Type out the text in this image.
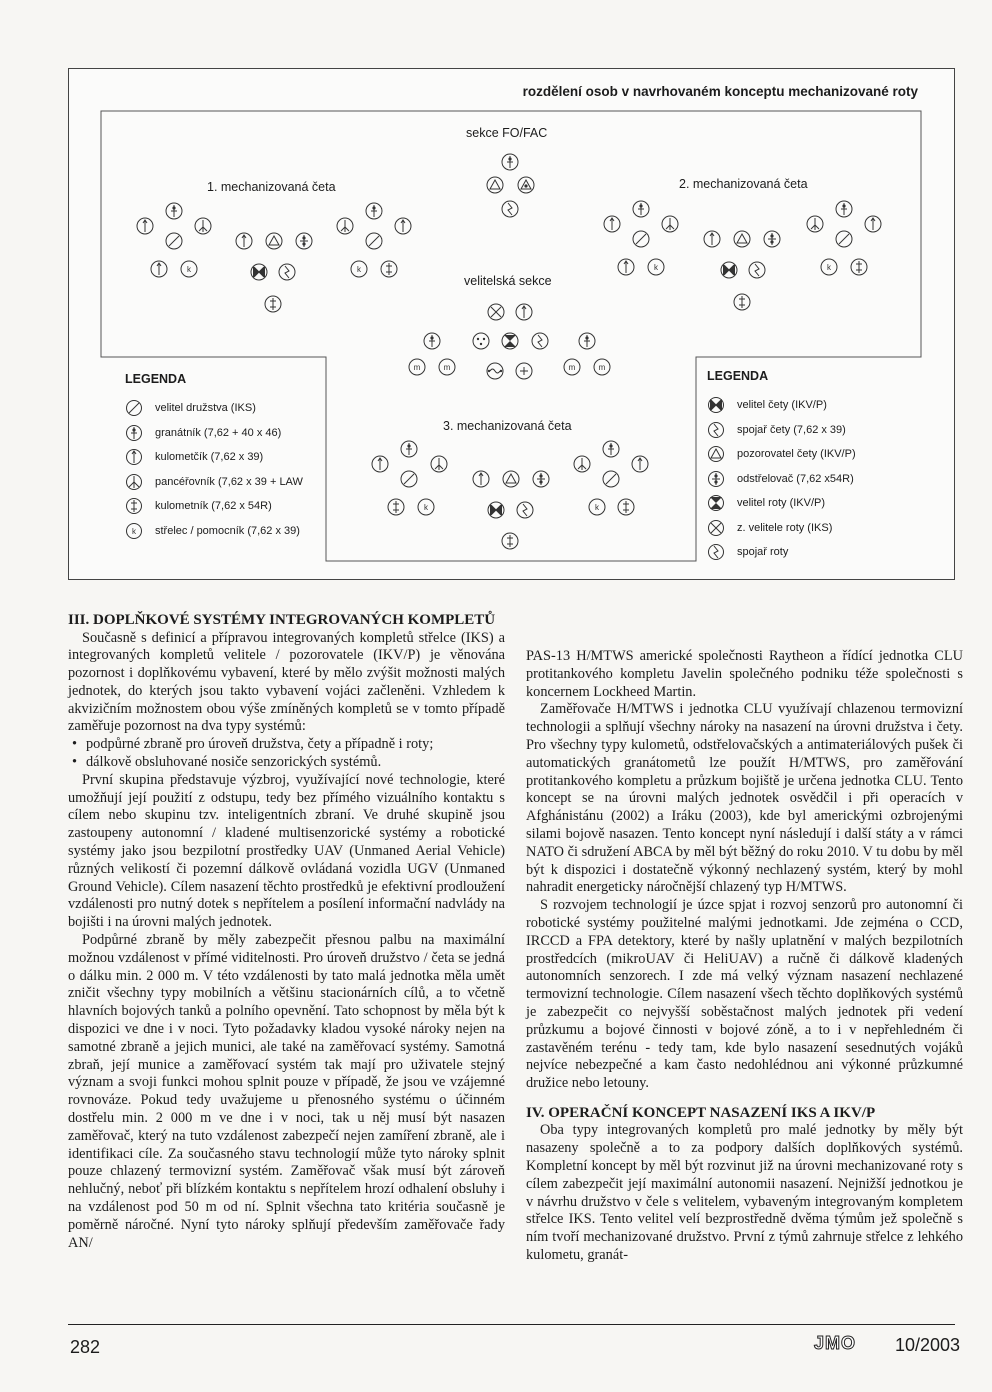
rozdělení osob v navrhovaném konceptu mechanizované roty
k	k	k	k
m	m	m	m
k	k
sekce FO/FAC
1. mechanizovaná četa	2. mechanizovaná četa
velitelská sekce
3. mechanizovaná četa
LEGENDA
velitel družstva (IKS)
granátník (7,62 + 40 x 46)
kulometčík (7,62 x 39)
pancéřovník (7,62 x 39 + LAW
kulometník (7,62 x 54R)
k střelec / pomocník (7,62 x 39)
LEGENDA
velitel čety (IKV/P)
spojař čety (7,62 x 39)
pozorovatel čety (IKV/P)
odstřelovač (7,62 x54R)
velitel roty (IKV/P)
z. velitele roty (IKS)
spojař roty
III. DOPLŇKOVÉ SYSTÉMY INTEGROVANÝCH KOMPLETŮ

Současně s definicí a přípravou integrovaných kompletů střelce (IKS) a integrovaných kompletů velitele / pozorovatele (IKV/P) je věnována pozornost i doplňkovému vybavení, které by mělo zvýšit možnosti malých jednotek, do kterých jsou takto vybavení vojáci začleněni. Vzhledem k akvizičním možnostem obou výše zmíněných kompletů se v tomto případě zaměřuje pozornost na dva typy systémů:

• podpůrné zbraně pro úroveň družstva, čety a případně i roty;
• dálkově obsluhované nosiče senzorických systémů.

První skupina představuje výzbroj, využívající nové technologie, které umožňují její použití z odstupu, tedy bez přímého vizuálního kontaktu s cílem nebo skupinu tzv. inteligentních zbraní. Ve druhé skupině jsou zastoupeny autonomní / kladené multisenzorické systémy a robotické systémy jako jsou bezpilotní prostředky UAV (Unmaned Aerial Vehicle) různých velikostí či pozemní dálkově ovládaná vozidla UGV (Unmaned Ground Vehicle). Cílem nasazení těchto prostředků je efektivní prodloužení vzdálenosti pro nutný dotek s nepřítelem a posílení informační nadvlády na bojišti i na úrovni malých jednotek.

Podpůrné zbraně by měly zabezpečit přesnou palbu na maximální možnou vzdálenost v přímé viditelnosti. Pro úroveň družstvo / četa se jedná o dálku min. 2 000 m. V této vzdálenosti by tato malá jednotka měla umět zničit všechny typy mobilních a většinu stacionárních cílů, a to včetně hlavních bojových tanků a polního opevnění. Tato schopnost by měla být k dispozici ve dne i v noci. Tyto požadavky kladou vysoké nároky nejen na samotné zbraně a jejich munici, ale také na zaměřovací systémy. Samotná zbraň, její munice a zaměřovací systém tak mají pro uživatele stejný význam a svoji funkci mohou splnit pouze v případě, že jsou ve vzájemné rovnováze. Pokud tedy uvažujeme u přenosného systému o účinném dostřelu min. 2 000 m ve dne i v noci, tak u něj musí být nasazen zaměřovač, který na tuto vzdálenost zabezpečí nejen zamíření zbraně, ale i identifikaci cíle. Za současného stavu technologií může tyto nároky splnit pouze chlazený termovizní systém. Zaměřovač však musí být zároveň nehlučný, neboť při blízkém kontaktu s nepřítelem hrozí odhalení obsluhy i na vzdálenost pod 50 m od ní. Splnit všechna tato kritéria současně je poměrně náročné. Nyní tyto nároky splňují především zaměřovače řady AN/

PAS-13 H/MTWS americké společnosti Raytheon a řídící jednotka CLU protitankového kompletu Javelin společného podniku téže společnosti s koncernem Lockheed Martin.

Zaměřovače H/MTWS i jednotka CLU využívají chlazenou termovizní technologii a splňují všechny nároky na nasazení na úrovni družstva i čety. Pro všechny typy kulometů, odstřelovačských a antimateriálových pušek či automatických granátometů lze použít H/MTWS, pro zaměřování protitankového kompletu a průzkum bojiště je určena jednotka CLU. Tento koncept se na úrovni malých jednotek osvědčil i při operacích v Afghánistánu (2002) a Iráku (2003), kde byl americkými ozbrojenými silami bojově nasazen. Tento koncept nyní následují i další státy a v rámci NATO či sdružení ABCA by měl být běžný do roku 2010. V tu dobu by měl být k dispozici i dostatečně výkonný nechlazený systém, který by mohl nahradit energeticky náročnější chlazený typ H/MTWS.

S rozvojem technologií je úzce spjat i rozvoj senzorů pro autonomní či robotické systémy použitelné malými jednotkami. Jde zejména o CCD, IRCCD a FPA detektory, které by našly uplatnění v malých bezpilotních prostředcích (mikroUAV či HeliUAV) a ručně či dálkově kladených autonomních senzorech. I zde má velký význam nasazení nechlazené termovizní technologie. Cílem nasazení všech těchto doplňkových systémů je zabezpečit co nejvyšší soběstačnost malých jednotek při vedení průzkumu a bojové činnosti v bojové zóně, a to i v nepřehledném či zastavěném terénu - tedy tam, kde bylo nasazení sesednutých vojáků nejvíce nebezpečné a kam často nedohlédnou ani výkonné průzkumné družice nebo letouny.

IV. OPERAČNÍ KONCEPT NASAZENÍ IKS A IKV/P

Oba typy integrovaných kompletů pro malé jednotky by měly být nasazeny společně a to za podpory dalších doplňkových systémů. Kompletní koncept by měl být rozvinut již na úrovni mechanizované roty s cílem zabezpečit její maximální autonomii nasazení. Nejnižší jednotkou je v návrhu družstvo v čele s velitelem, vybaveným integrovaným kompletem střelce IKS. Tento velitel velí bezprostředně dvěma týmům jež společně s ním tvoří mechanizované družstvo. První z týmů zahrnuje střelce z lehkého kulometu, granát-

282	JMO 10/2003
